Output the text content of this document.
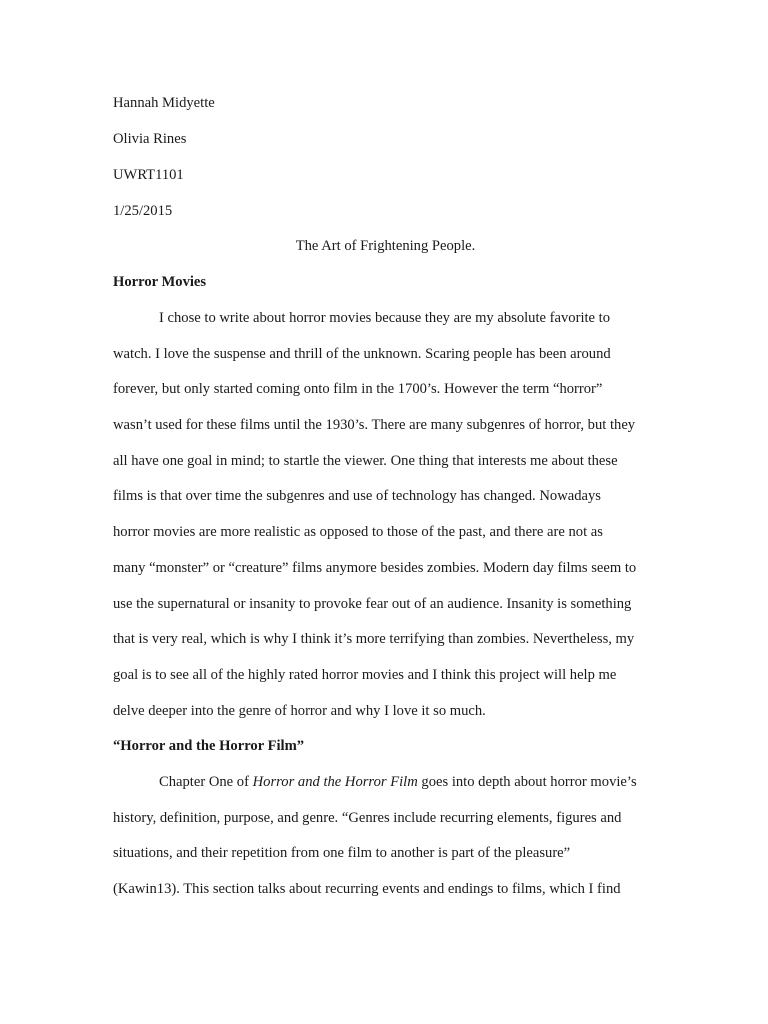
Hannah Midyette
Olivia Rines
UWRT1101
1/25/2015
The Art of Frightening People.
Horror Movies
I chose to write about horror movies because they are my absolute favorite to
watch. I love the suspense and thrill of the unknown. Scaring people has been around
forever, but only started coming onto film in the 1700’s. However the term “horror”
wasn’t used for these films until the 1930’s. There are many subgenres of horror, but they
all have one goal in mind; to startle the viewer. One thing that interests me about these
films is that over time the subgenres and use of technology has changed. Nowadays
horror movies are more realistic as opposed to those of the past, and there are not as
many “monster” or “creature” films anymore besides zombies. Modern day films seem to
use the supernatural or insanity to provoke fear out of an audience. Insanity is something
that is very real, which is why I think it’s more terrifying than zombies. Nevertheless, my
goal is to see all of the highly rated horror movies and I think this project will help me
delve deeper into the genre of horror and why I love it so much.
“Horror and the Horror Film”
Chapter One of Horror and the Horror Film goes into depth about horror movie’s
history, definition, purpose, and genre. “Genres include recurring elements, figures and
situations, and their repetition from one film to another is part of the pleasure”
(Kawin13). This section talks about recurring events and endings to films, which I find
